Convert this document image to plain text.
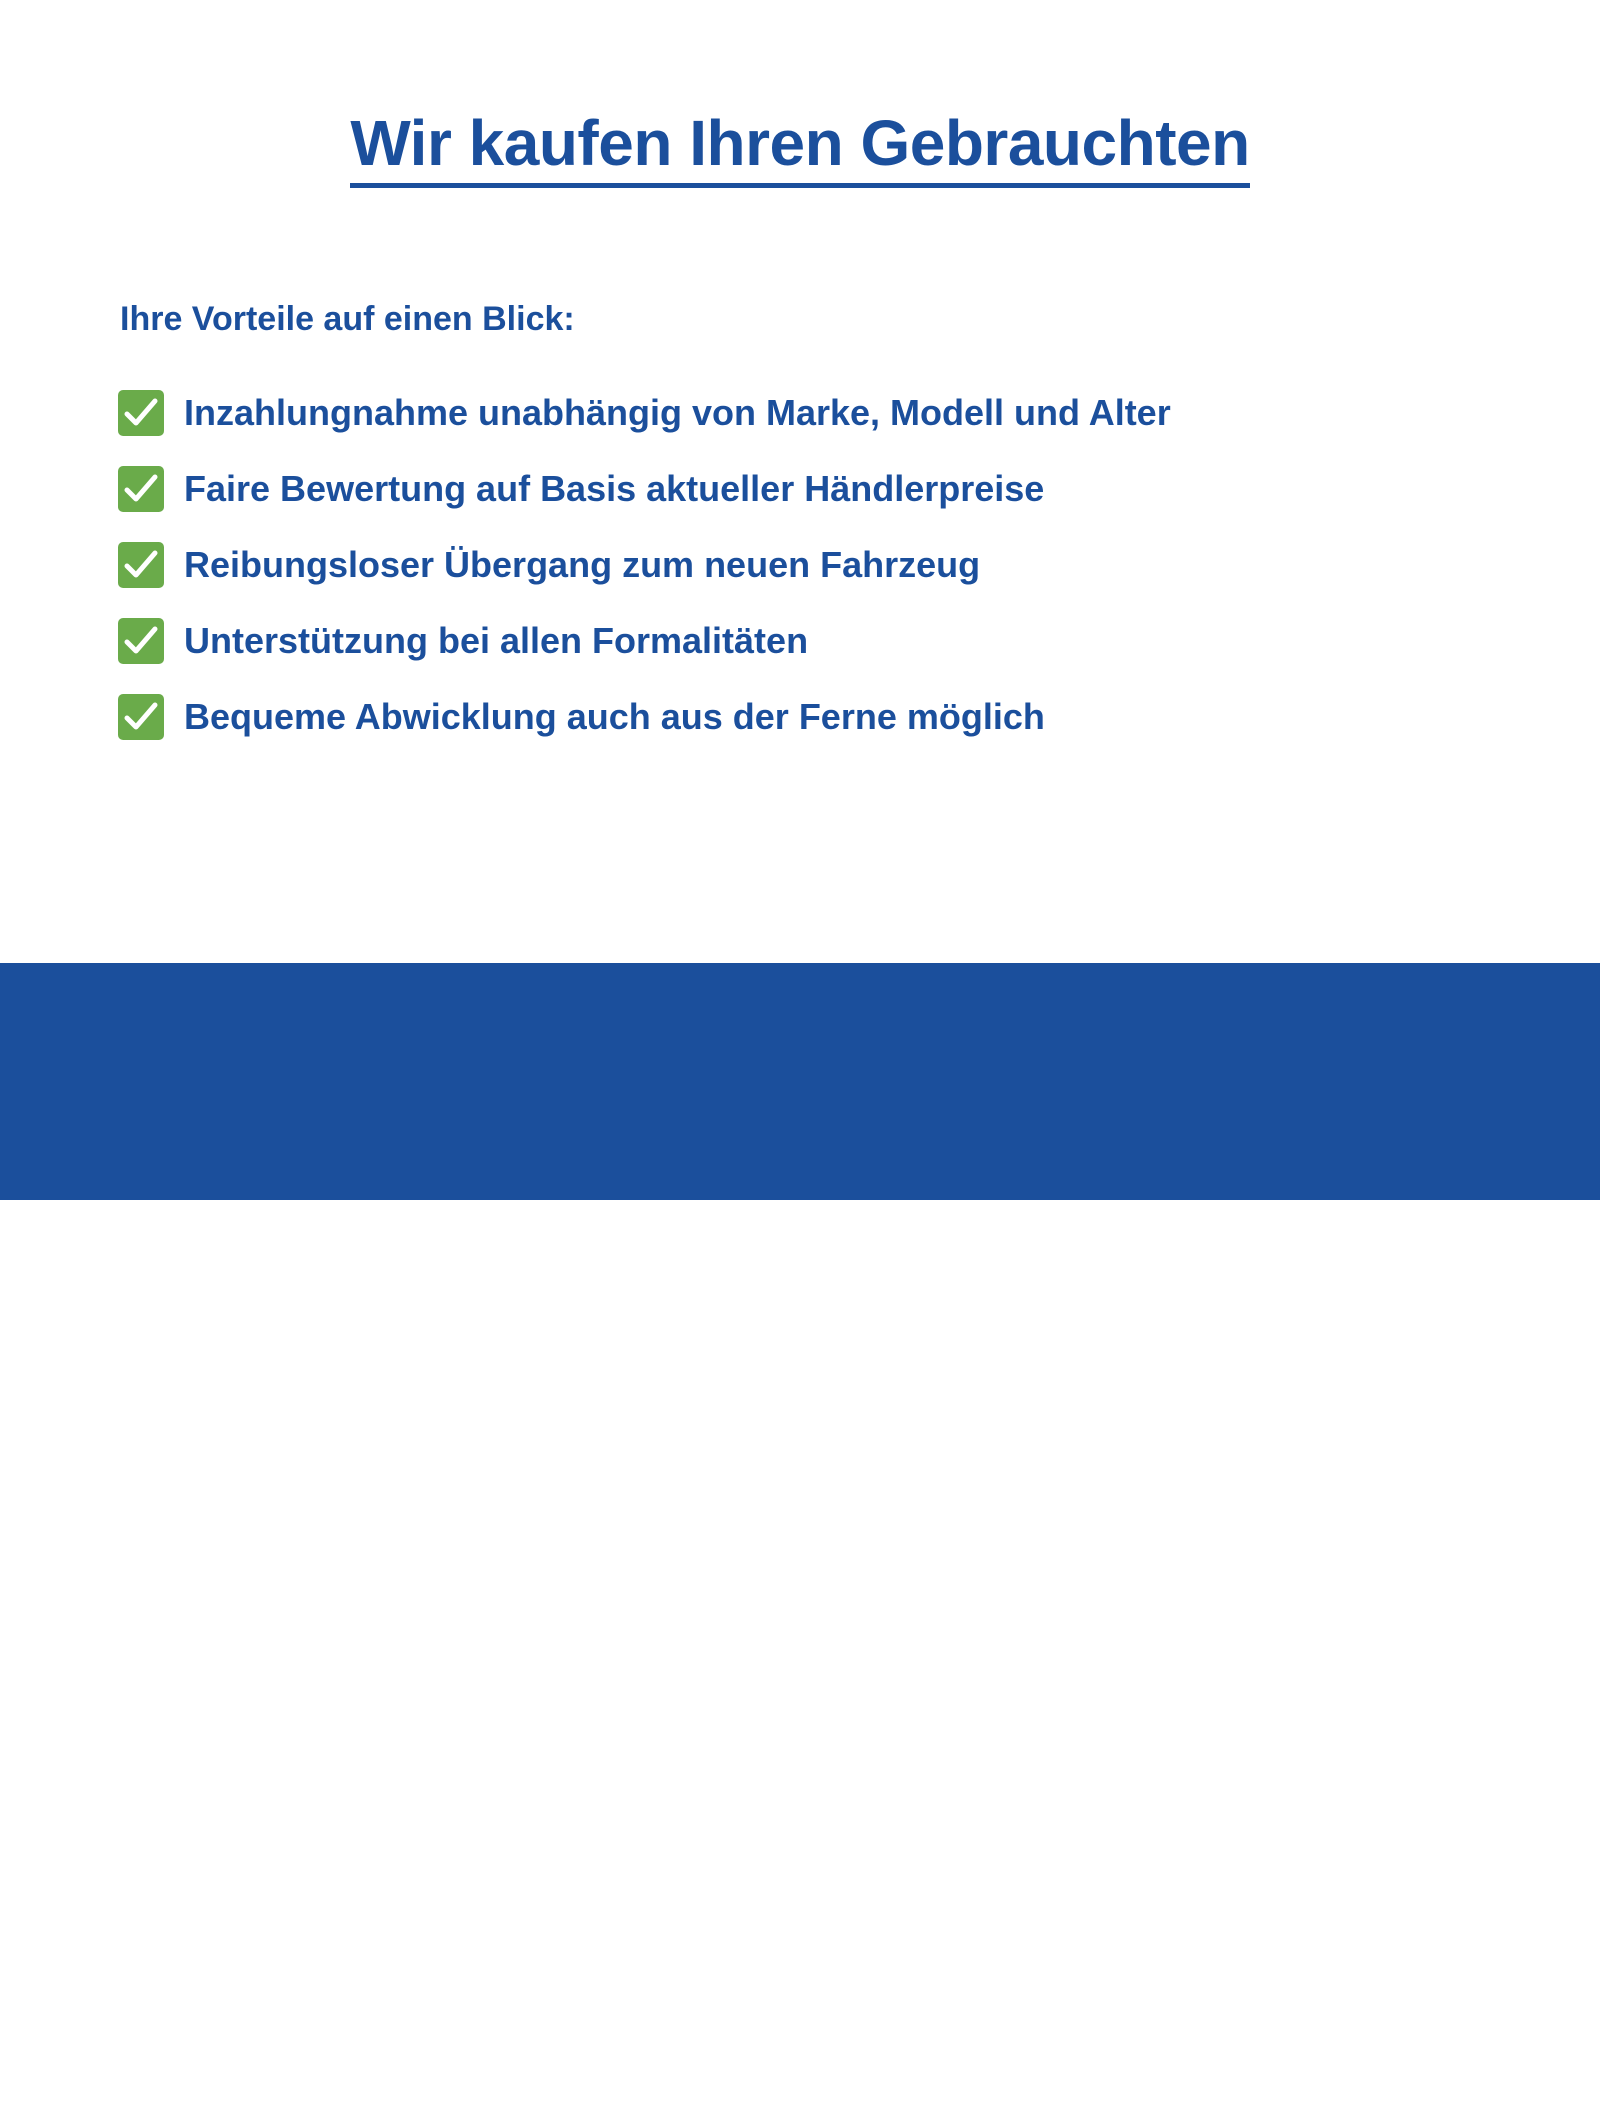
Wir kaufen Ihren Gebrauchten
Ihre Vorteile auf einen Blick:
Inzahlungnahme unabhängig von Marke, Modell und Alter
Faire Bewertung auf Basis aktueller Händlerpreise
Reibungsloser Übergang zum neuen Fahrzeug
Unterstützung bei allen Formalitäten
Bequeme Abwicklung auch aus der Ferne möglich
Clever sparen. Besser fahren.
Autohaus
MEYER
EU-Neuwagen Jahreswagen Gebrauchtwagen
